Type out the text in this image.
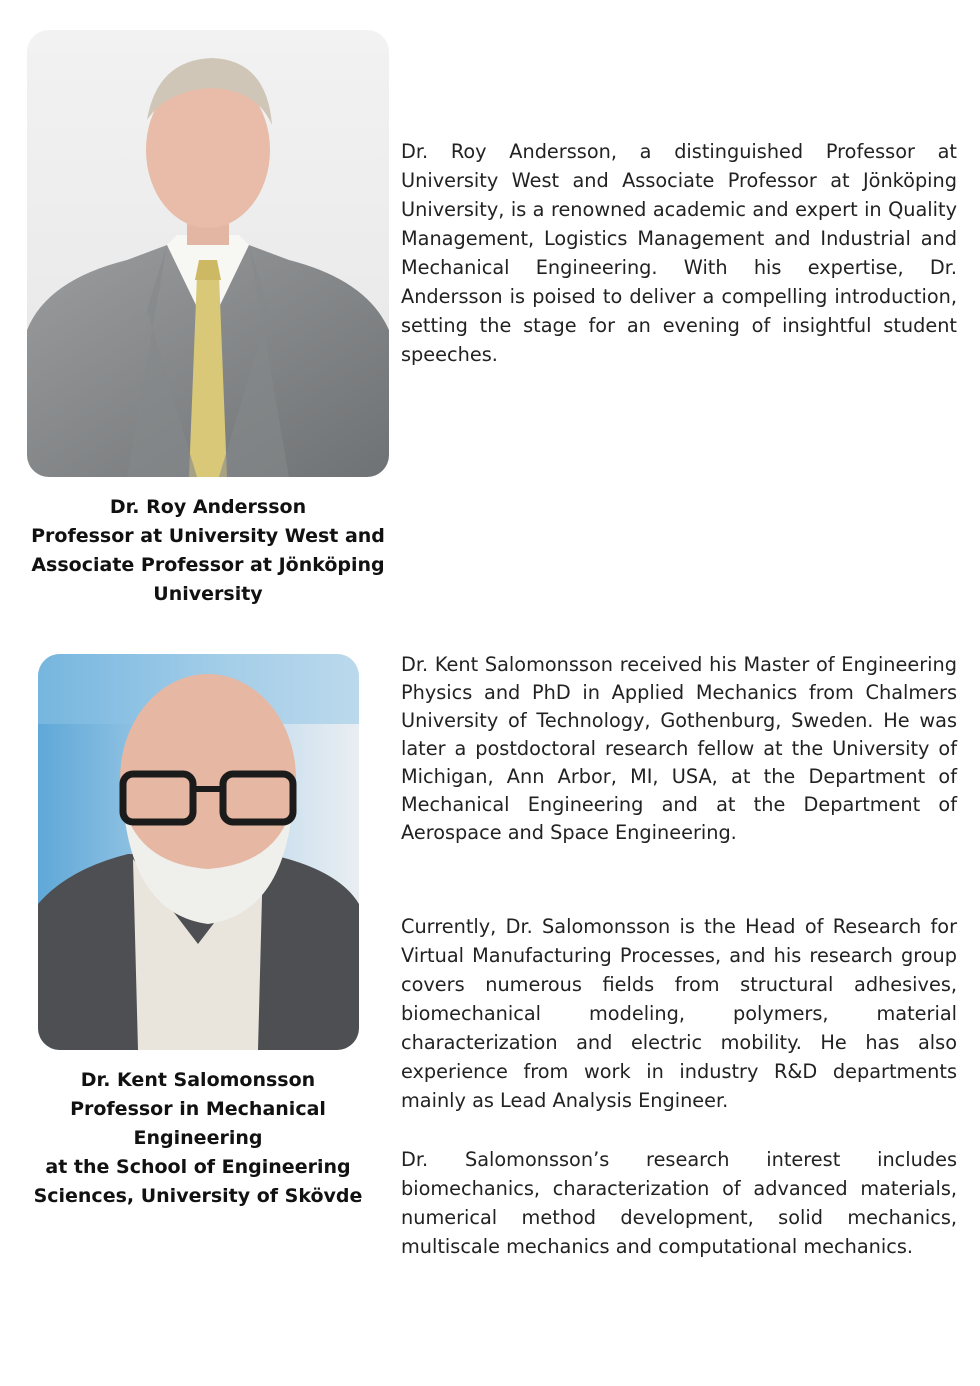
Dr. Roy Andersson
Professor at University West and
Associate Professor at Jönköping
University

Dr. Roy Andersson, a distinguished Professor at University West and Associate Professor at Jönköping University, is a renowned academic and expert in Quality Management, Logistics Management and Industrial and Mechanical Engineering. With his expertise, Dr. Andersson is poised to deliver a compelling introduction, setting the stage for an evening of insightful student speeches.

Dr. Kent Salomonsson
Professor in Mechanical Engineering
at the School of Engineering
Sciences, University of Skövde

Dr. Kent Salomonsson received his Master of Engineering Physics and PhD in Applied Mechanics from Chalmers University of Technology, Gothenburg, Sweden. He was later a postdoctoral research fellow at the University of Michigan, Ann Arbor, MI, USA, at the Department of Mechanical Engineering and at the Department of Aerospace and Space Engineering.

Currently, Dr. Salomonsson is the Head of Research for Virtual Manufacturing Processes, and his research group covers numerous fields from structural adhesives, biomechanical modeling, polymers, material characterization and electric mobility. He has also experience from work in industry R&D departments mainly as Lead Analysis Engineer.

Dr. Salomonsson’s research interest includes biomechanics, characterization of advanced materials, numerical method development, solid mechanics, multiscale mechanics and computational mechanics.
